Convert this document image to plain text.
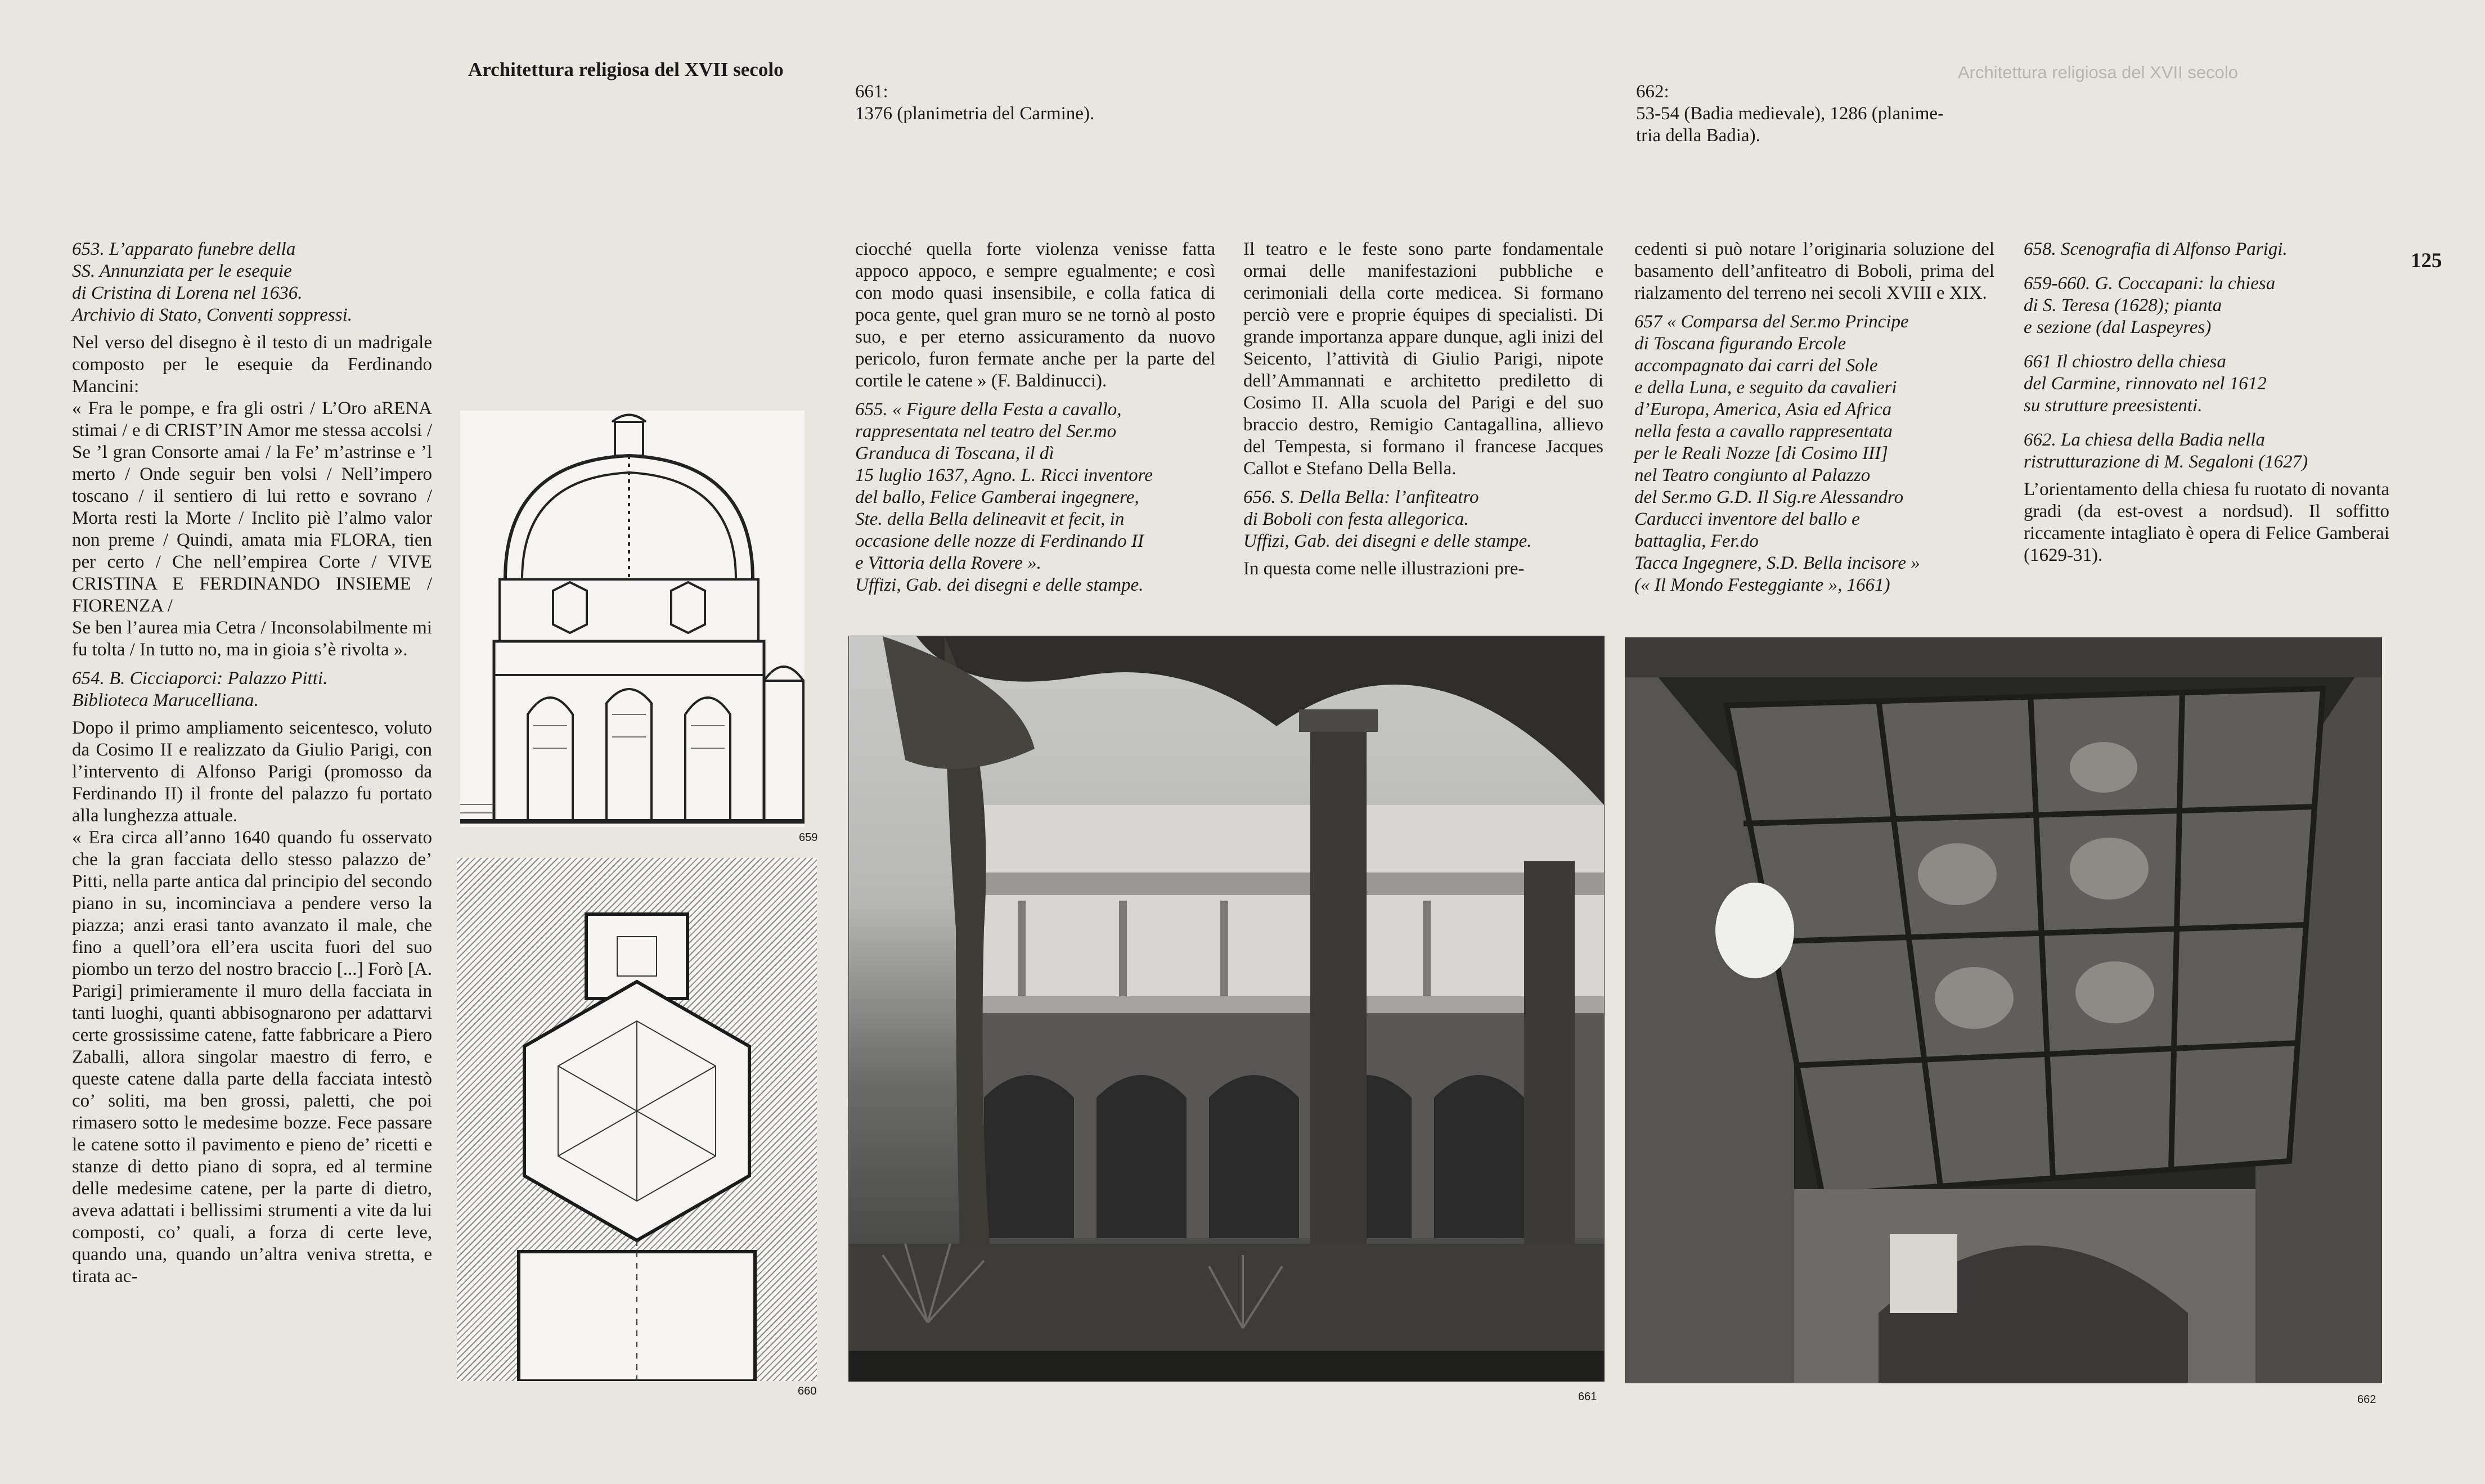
Architettura religiosa del XVII secolo
Architettura religiosa del XVII secolo
125
661:
1376 (planimetria del Carmine).
662:
53-54 (Badia medievale), 1286 (planime-
tria della Badia).
653. L’apparato funebre della
SS. Annunziata per le esequie
di Cristina di Lorena nel 1636.
Archivio di Stato, Conventi soppressi.

Nel verso del disegno è il testo di un madrigale composto per le esequie da Ferdinando Mancini:

« Fra le pompe, e fra gli ostri / L’Oro aRENA stimai / e di CRIST’IN Amor me stessa accolsi / Se ’l gran Consorte amai / la Fe’ m’astrinse e ’l merto / Onde seguir ben volsi / Nell’impero toscano / il sentiero di lui retto e sovrano / Morta resti la Morte / Inclito piè l’almo valor non preme / Quindi, amata mia FLORA, tien per certo / Che nell’empirea Corte / VIVE CRISTINA E FERDINANDO INSIEME / FIORENZA /

Se ben l’aurea mia Cetra / Inconsolabilmente mi fu tolta / In tutto no, ma in gioia s’è rivolta ».

654. B. Cicciaporci: Palazzo Pitti.
Biblioteca Marucelliana.

Dopo il primo ampliamento seicentesco, voluto da Cosimo II e realizzato da Giulio Parigi, con l’intervento di Alfonso Parigi (promosso da Ferdinando II) il fronte del palazzo fu portato alla lunghezza attuale.

« Era circa all’anno 1640 quando fu osservato che la gran facciata dello stesso palazzo de’ Pitti, nella parte antica dal principio del secondo piano in su, incominciava a pendere verso la piazza; anzi erasi tanto avanzato il male, che fino a quell’ora ell’era uscita fuori del suo piombo un terzo del nostro braccio [...] Forò [A. Parigi] primieramente il muro della facciata in tanti luoghi, quanti abbisognarono per adattarvi certe grossissime catene, fatte fabbricare a Piero Zaballi, allora singolar maestro di ferro, e queste catene dalla parte della facciata intestò co’ soliti, ma ben grossi, paletti, che poi rimasero sotto le medesime bozze. Fece passare le catene sotto il pavimento e pieno de’ ricetti e stanze di detto piano di sopra, ed al termine delle medesime catene, per la parte di dietro, aveva adattati i bellissimi strumenti a vite da lui composti, co’ quali, a forza di certe leve, quando una, quando un’altra veniva stretta, e tirata ac-

659
660

ciocché quella forte violenza venisse fatta appoco appoco, e sempre egualmente; e così con modo quasi insensibile, e colla fatica di poca gente, quel gran muro se ne tornò al posto suo, e per eterno assicuramento da nuovo pericolo, furon fermate anche per la parte del cortile le catene » (F. Baldinucci).

655. « Figure della Festa a cavallo,
rappresentata nel teatro del Ser.mo
Granduca di Toscana, il dì
15 luglio 1637, Agno. L. Ricci inventore
del ballo, Felice Gamberai ingegnere,
Ste. della Bella delineavit et fecit, in
occasione delle nozze di Ferdinando II
e Vittoria della Rovere ».
Uffizi, Gab. dei disegni e delle stampe.

Il teatro e le feste sono parte fondamentale ormai delle manifestazioni pubbliche e cerimoniali della corte medicea. Si formano perciò vere e proprie équipes di specialisti. Di grande importanza appare dunque, agli inizi del Seicento, l’attività di Giulio Parigi, nipote dell’Ammannati e architetto prediletto di Cosimo II. Alla scuola del Parigi e del suo braccio destro, Remigio Cantagallina, allievo del Tempesta, si formano il francese Jacques Callot e Stefano Della Bella.

656. S. Della Bella: l’anfiteatro
di Boboli con festa allegorica.
Uffizi, Gab. dei disegni e delle stampe.

In questa come nelle illustrazioni pre-

cedenti si può notare l’originaria soluzione del basamento dell’anfiteatro di Boboli, prima del rialzamento del terreno nei secoli XVIII e XIX.

657 « Comparsa del Ser.mo Principe
di Toscana figurando Ercole
accompagnato dai carri del Sole
e della Luna, e seguito da cavalieri
d’Europa, America, Asia ed Africa
nella festa a cavallo rappresentata
per le Reali Nozze [di Cosimo III]
nel Teatro congiunto al Palazzo
del Ser.mo G.D. Il Sig.re Alessandro
Carducci inventore del ballo e
battaglia, Fer.do
Tacca Ingegnere, S.D. Bella incisore »
(« Il Mondo Festeggiante », 1661)
658. Scenografia di Alfonso Parigi.
659-660. G. Coccapani: la chiesa
di S. Teresa (1628); pianta
e sezione (dal Laspeyres)
661 Il chiostro della chiesa
del Carmine, rinnovato nel 1612
su strutture preesistenti.
662. La chiesa della Badia nella
ristrutturazione di M. Segaloni (1627)

L’orientamento della chiesa fu ruotato di novanta gradi (da est-ovest a nordsud). Il soffitto riccamente intagliato è opera di Felice Gamberai (1629-31).

661	662
